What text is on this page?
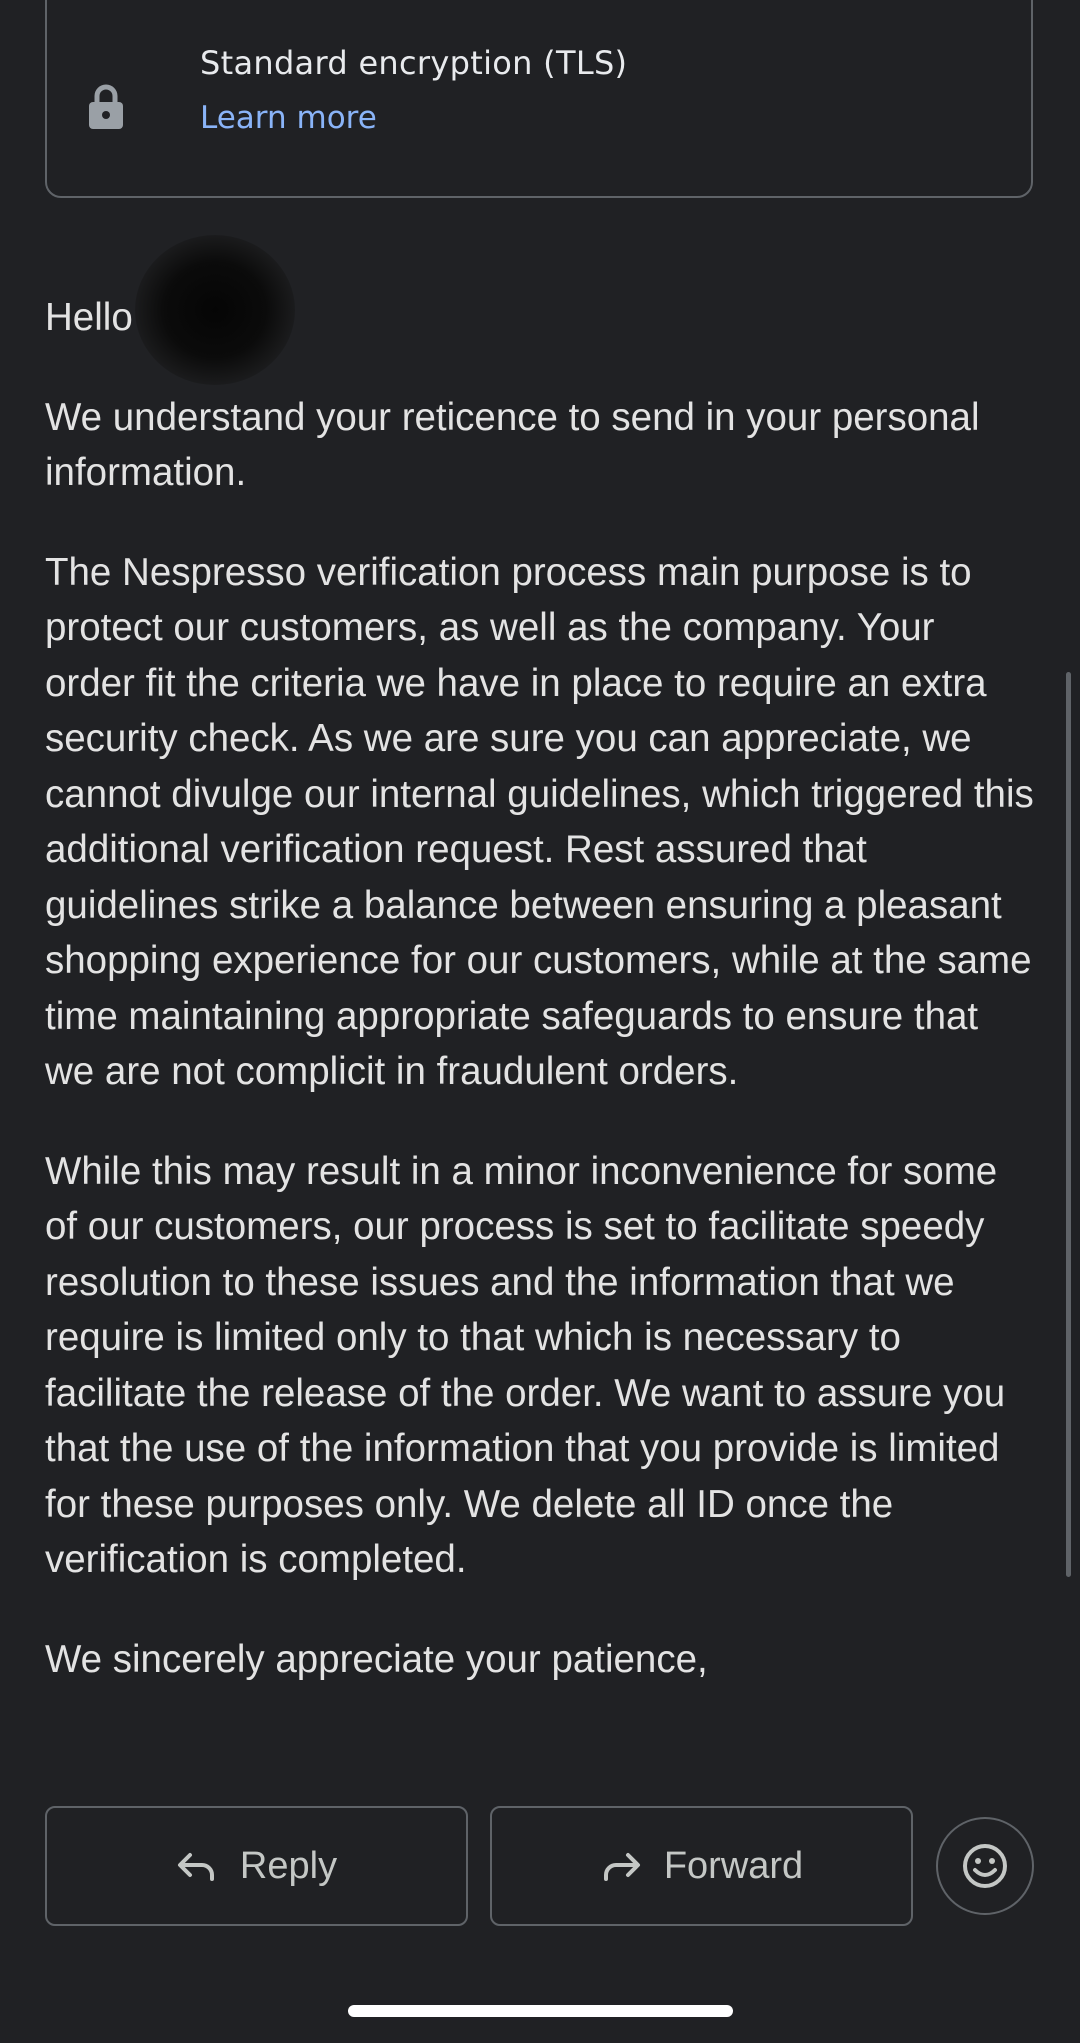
Standard encryption (TLS)
Learn more

Hello

We understand your reticence to send in your personal information.

The Nespresso verification process main purpose is to protect our customers, as well as the company. Your order fit the criteria we have in place to require an extra security check. As we are sure you can appreciate, we cannot divulge our internal guidelines, which triggered this additional verification request. Rest assured that guidelines strike a balance between ensuring a pleasant shopping experience for our customers, while at the same time maintaining appropriate safeguards to ensure that we are not complicit in fraudulent orders.

While this may result in a minor inconvenience for some of our customers, our process is set to facilitate speedy resolution to these issues and the information that we require is limited only to that which is necessary to facilitate the release of the order. We want to assure you that the use of the information that you provide is limited for these purposes only. We delete all ID once the verification is completed.

We sincerely appreciate your patience,

Reply	Forward
